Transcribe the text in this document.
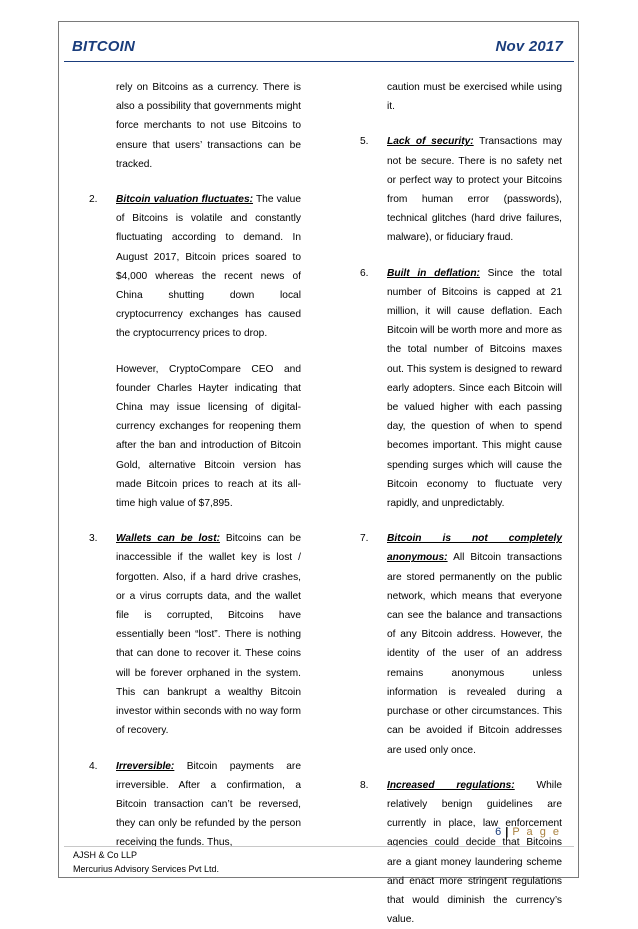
BITCOIN	Nov 2017

rely on Bitcoins as a currency. There is also a possibility that governments might force merchants to not use Bitcoins to ensure that users’ transactions can be tracked.

2. Bitcoin valuation fluctuates: The value of Bitcoins is volatile and constantly fluctuating according to demand. In August 2017, Bitcoin prices soared to $4,000 whereas the recent news of China shutting down local cryptocurrency exchanges has caused the cryptocurrency prices to drop.

However, CryptoCompare CEO and founder Charles Hayter indicating that China may issue licensing of digital-currency exchanges for reopening them after the ban and introduction of Bitcoin Gold, alternative Bitcoin version has made Bitcoin prices to reach at its all-time high value of $7,895.

3. Wallets can be lost: Bitcoins can be inaccessible if the wallet key is lost / forgotten. Also, if a hard drive crashes, or a virus corrupts data, and the wallet file is corrupted, Bitcoins have essentially been “lost”. There is nothing that can done to recover it. These coins will be forever orphaned in the system. This can bankrupt a wealthy Bitcoin investor within seconds with no way form of recovery.

4. Irreversible: Bitcoin payments are irreversible. After a confirmation, a Bitcoin transaction can’t be reversed, they can only be refunded by the person receiving the funds. Thus,

caution must be exercised while using it.

5. Lack of security: Transactions may not be secure. There is no safety net or perfect way to protect your Bitcoins from human error (passwords), technical glitches (hard drive failures, malware), or fiduciary fraud.

6. Built in deflation: Since the total number of Bitcoins is capped at 21 million, it will cause deflation. Each Bitcoin will be worth more and more as the total number of Bitcoins maxes out. This system is designed to reward early adopters. Since each Bitcoin will be valued higher with each passing day, the question of when to spend becomes important. This might cause spending surges which will cause the Bitcoin economy to fluctuate very rapidly, and unpredictably.

7. Bitcoin is not completely anonymous: All Bitcoin transactions are stored permanently on the public network, which means that everyone can see the balance and transactions of any Bitcoin address. However, the identity of the user of an address remains anonymous unless information is revealed during a purchase or other circumstances. This can be avoided if Bitcoin addresses are used only once.

8. Increased regulations: While relatively benign guidelines are currently in place, law enforcement agencies could decide that Bitcoins are a giant money laundering scheme and enact more stringent regulations that would diminish the currency’s value.

6 | P a g e
AJSH & Co LLP
Mercurius Advisory Services Pvt Ltd.
